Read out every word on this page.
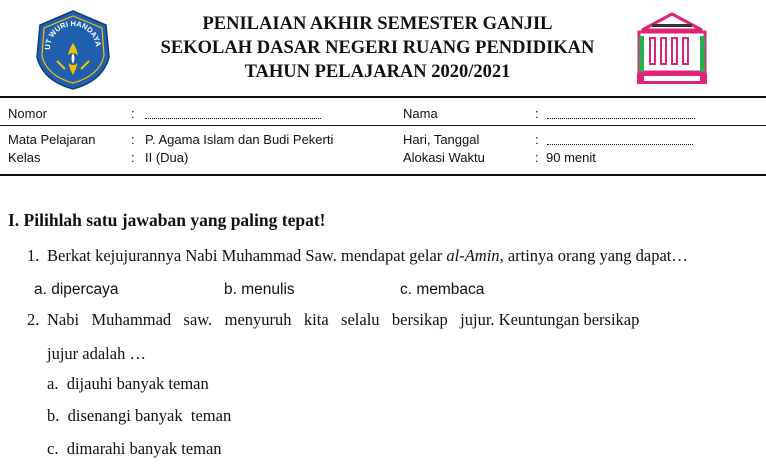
UT WURI HANDAYA
PENILAIAN AKHIR SEMESTER GANJIL
SEKOLAH DASAR NEGERI RUANG PENDIDIKAN
TAHUN PELAJARAN 2020/2021
Nomor	:	Nama	:
Mata Pelajaran	: P. Agama Islam dan Budi Pekerti	Hari, Tanggal	:
Kelas	: II (Dua)	Alokasi Waktu	: 90 menit
I. Pilihlah satu jawaban yang paling tepat!
1. Berkat kejujurannya Nabi Muhammad Saw. mendapat gelar al-Amin, artinya orang yang dapat…
a. dipercaya	b. menulis	c. membaca
2. Nabi   Muhammad   saw.   menyuruh   kita   selalu   bersikap   jujur. Keuntungan bersikap
jujur adalah …
a.  dijauhi banyak teman
b.  disenangi banyak  teman
c.  dimarahi banyak teman
